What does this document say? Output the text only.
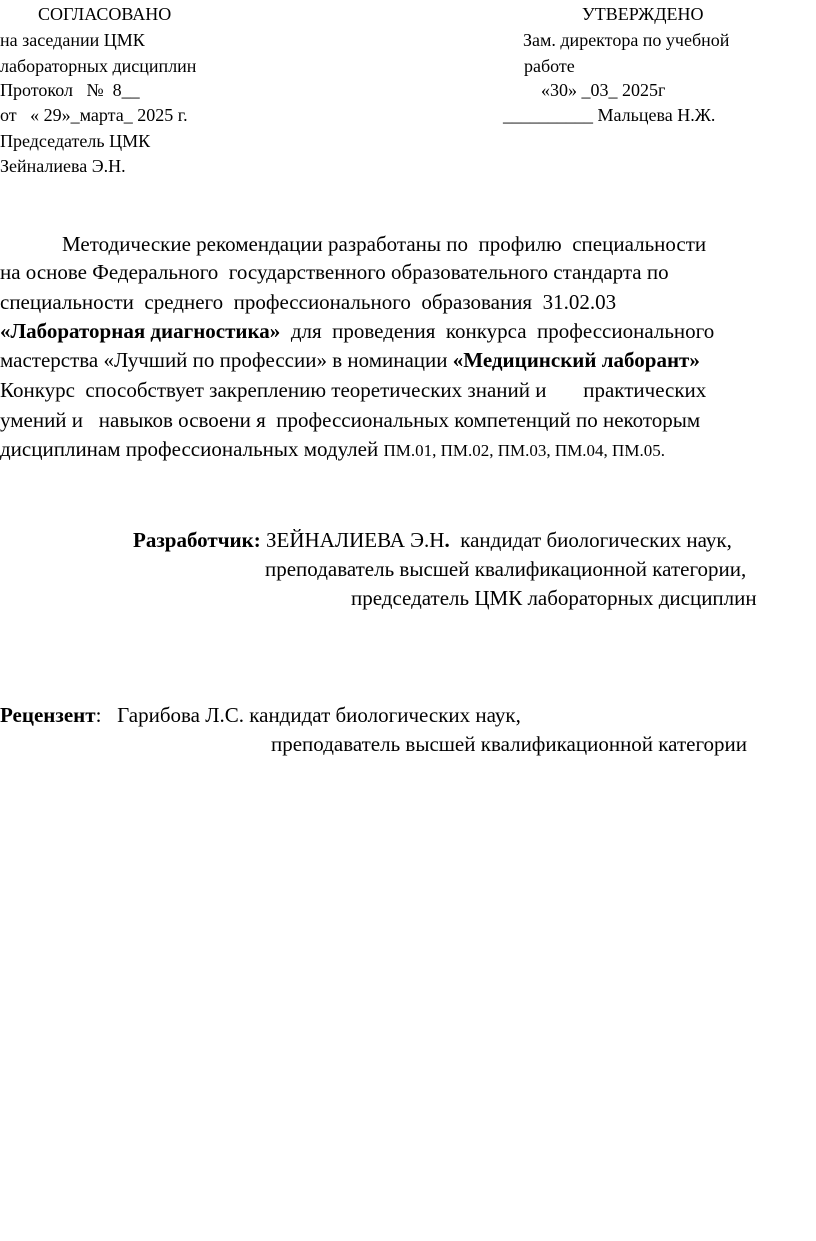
СОГЛАСОВАНО
на заседании ЦМК
лабораторных дисциплин
Протокол   №  8__
от   « 29»_марта_ 2025 г.
Председатель ЦМК
Зейналиева Э.Н.
УТВЕРЖДЕНО
Зам. директора по учебной
работе
«30» _03_ 2025г
__________ Мальцева Н.Ж.
Методические рекомендации разработаны по  профилю  специальности
на основе Федерального  государственного образовательного стандарта по
специальности  среднего  профессионального  образования  31.02.03
«Лабораторная диагностика»  для  проведения  конкурса  профессионального
мастерства «Лучший по профессии» в номинации «Медицинский лаборант»
Конкурс  способствует закреплению теоретических знаний и       практических
умений и   навыков освоени я  профессиональных компетенций по некоторым
дисциплинам профессиональных модулей ПМ.01, ПМ.02, ПМ.03, ПМ.04, ПМ.05.
Разработчик: ЗЕЙНАЛИЕВА Э.Н.  кандидат биологических наук,
преподаватель высшей квалификационной категории,
председатель ЦМК лабораторных дисциплин
Рецензент:   Гарибова Л.С. кандидат биологических наук,
преподаватель высшей квалификационной категории
